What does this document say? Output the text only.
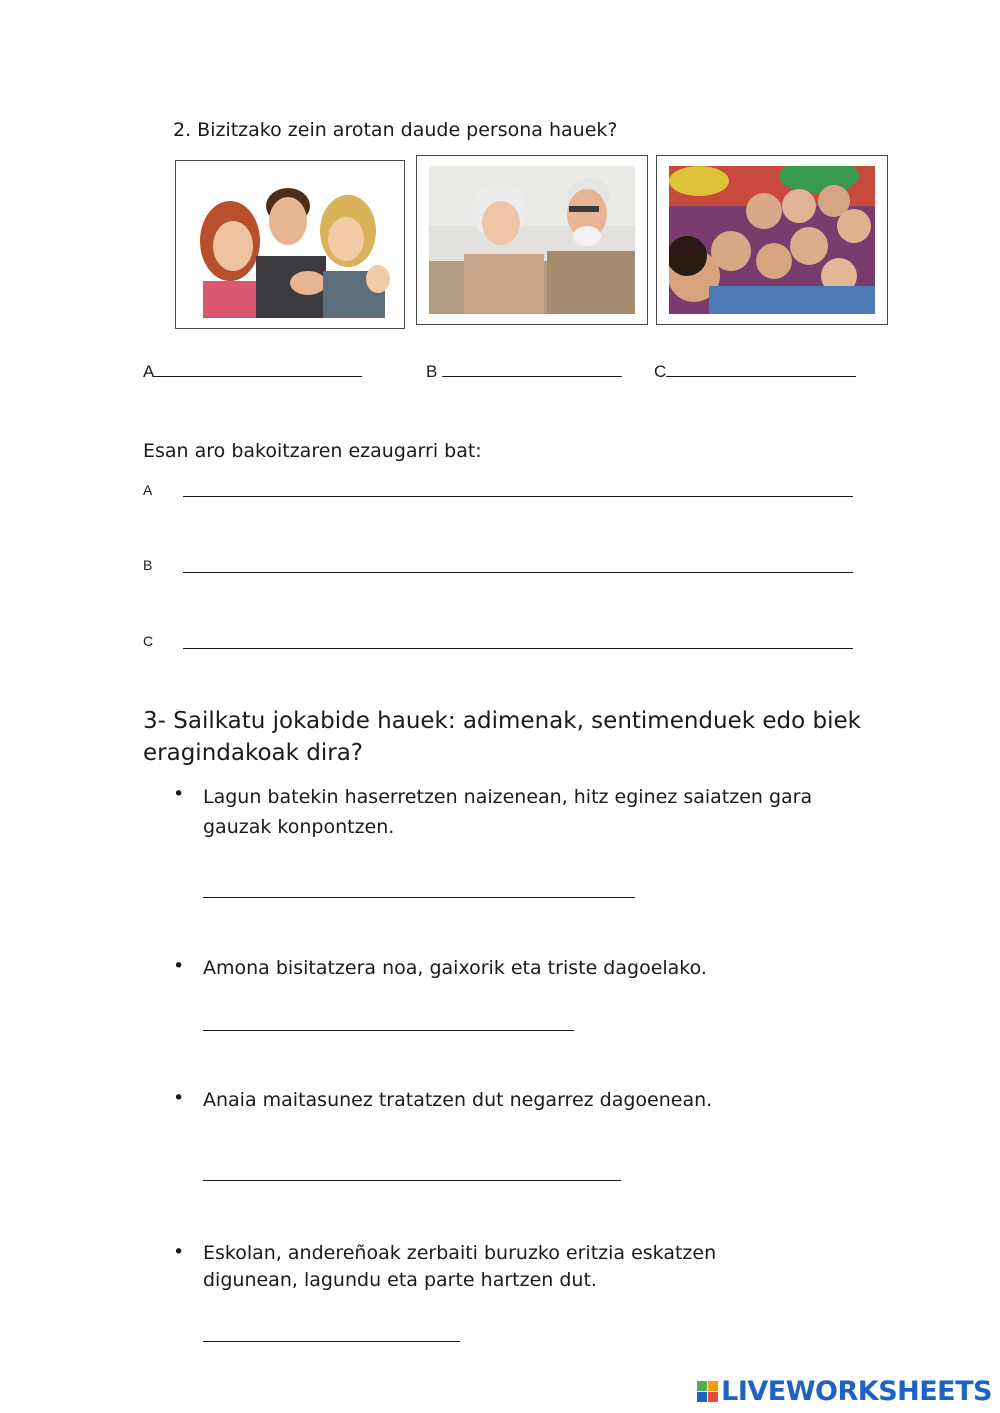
2. Bizitzako zein arotan daude persona hauek?
A	B	C
Esan aro bakoitzaren ezaugarri bat:
A
B
C
3- Sailkatu jokabide hauek: adimenak, sentimenduek edo biek eragindakoak dira?
• Lagun batekin haserretzen naizenean, hitz eginez saiatzen gara gauzak konpontzen.
• Amona bisitatzera noa, gaixorik eta triste dagoelako.
• Anaia maitasunez tratatzen dut negarrez dagoenean.
• Eskolan, andereñoak zerbaiti buruzko eritzia eskatzen digunean, lagundu eta parte hartzen dut.
LIVEWORKSHEETS
